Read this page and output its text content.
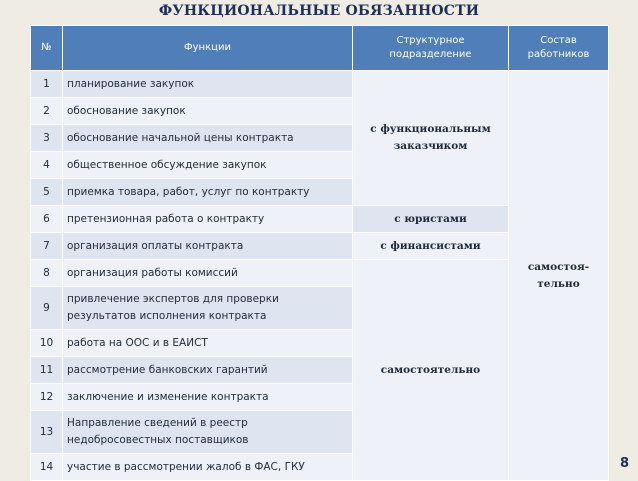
ФУНКЦИОНАЛЬНЫЕ ОБЯЗАННОСТИ
№	Функции	Структурное подразделение	Состав работников
1	планирование закупок	с функциональным заказчиком	самостоя-тельно
2	обоснование закупок		
3	обоснование начальной цены контракта		
4	общественное обсуждение закупок		
5	приемка товара, работ, услуг по контракту		
6	претензионная работа о контракту	с юристами	
7	организация оплаты контракта	с финансистами	
8	организация работы комиссий	самостоятельно	
9	привлечение экспертов для проверки результатов исполнения контракта		
10	работа на ООС и в ЕАИСТ		
11	рассмотрение банковских гарантий		
12	заключение и изменение контракта		
13	Направление сведений в реестр недобросовестных поставщиков		
14	участие в рассмотрении жалоб в ФАС, ГКУ			8
